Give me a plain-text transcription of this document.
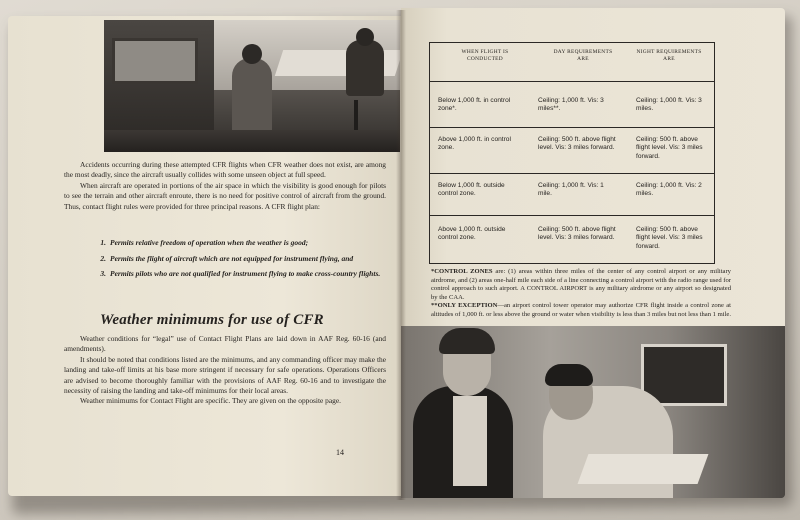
Accidents occurring during these attempted CFR flights when CFR weather does not exist, are among the most deadly, since the aircraft usually collides with some unseen object at full speed.

When aircraft are operated in portions of the air space in which the visibility is good enough for pilots to see the terrain and other aircraft enroute, there is no need for positive control of aircraft from the ground. Thus, contact flight rules were provided for three principal reasons. A CFR flight plan:

1. Permits relative freedom of operation when the weather is good;
2. Permits the flight of aircraft which are not equipped for instrument flying, and
3. Permits pilots who are not qualified for instrument flying to make cross-country flights.
Weather minimums for use of CFR

Weather conditions for “legal” use of Contact Flight Plans are laid down in AAF Reg. 60-16 (and amendments).

It should be noted that conditions listed are the minimums, and any commanding officer may make the landing and take-off limits at his base more stringent if necessary for safe operations. Operations Officers are advised to become thoroughly familiar with the provisions of AAF Reg. 60-16 and to investigate the necessity of raising the landing and take-off minimums for their local areas.

Weather minimums for Contact Flight are specific. They are given on the opposite page.

14
WHEN FLIGHT IS CONDUCTED
DAY REQUIREMENTS ARE
NIGHT REQUIREMENTS ARE
Below 1,000 ft. in control zone*.
Ceiling: 1,000 ft. Vis: 3 miles**.
Ceiling: 1,000 ft. Vis: 3 miles.
Above 1,000 ft. in control zone.
Ceiling: 500 ft. above flight level. Vis: 3 miles forward.
Ceiling: 500 ft. above flight level. Vis: 3 miles forward.
Below 1,000 ft. outside control zone.
Ceiling: 1,000 ft. Vis: 1 mile.
Ceiling: 1,000 ft. Vis: 2 miles.
Above 1,000 ft. outside control zone.
Ceiling: 500 ft. above flight level. Vis: 3 miles forward.
Ceiling: 500 ft. above flight level. Vis: 3 miles forward.
*CONTROL ZONES are: (1) areas within three miles of the center of any control airport or any military airdrome, and (2) areas one-half mile each side of a line connecting a control airport with the radio range used for control approach to such airport. A CONTROL AIRPORT is any military airdrome or any airport so designated by the CAA.
**ONLY EXCEPTION—an airport control tower operator may authorize CFR flight inside a control zone at altitudes of 1,000 ft. or less above the ground or water when visibility is less than 3 miles but not less than 1 mile.
